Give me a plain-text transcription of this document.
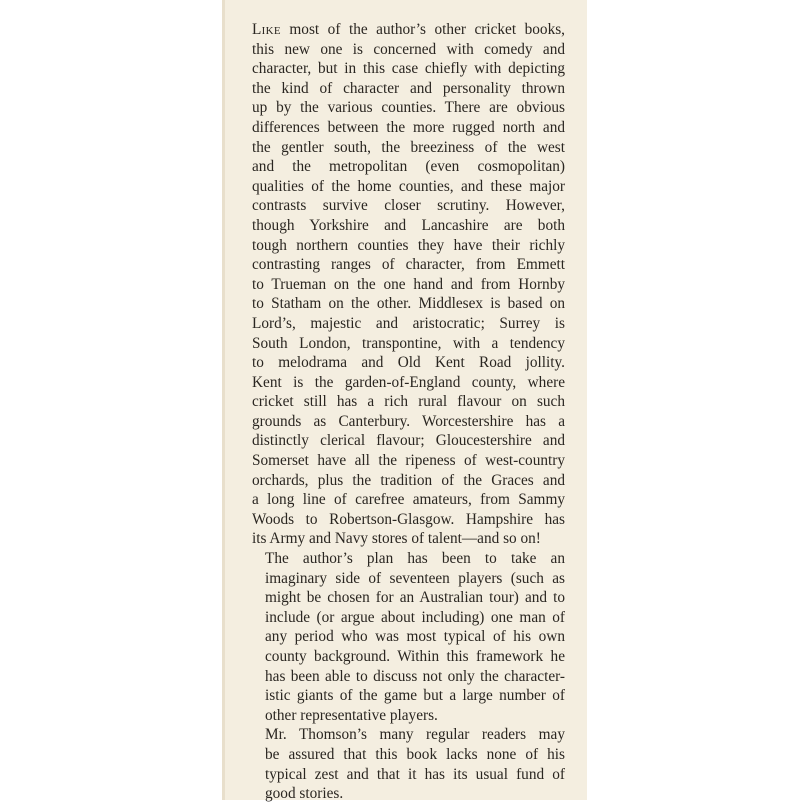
Like most of the author’s other cricket books,
this new one is concerned with comedy and
character, but in this case chiefly with depicting
the kind of character and personality thrown
up by the various counties. There are obvious
differences between the more rugged north and
the gentler south, the breeziness of the west
and the metropolitan (even cosmopolitan)
qualities of the home counties, and these major
contrasts survive closer scrutiny. However,
though Yorkshire and Lancashire are both
tough northern counties they have their richly
contrasting ranges of character, from Emmett
to Trueman on the one hand and from Hornby
to Statham on the other. Middlesex is based on
Lord’s, majestic and aristocratic; Surrey is
South London, transpontine, with a tendency
to melodrama and Old Kent Road jollity.
Kent is the garden-of-England county, where
cricket still has a rich rural flavour on such
grounds as Canterbury. Worcestershire has a
distinctly clerical flavour; Gloucestershire and
Somerset have all the ripeness of west-country
orchards, plus the tradition of the Graces and
a long line of carefree amateurs, from Sammy
Woods to Robertson-Glasgow. Hampshire has
its Army and Navy stores of talent—and so on!

The author’s plan has been to take an
imaginary side of seventeen players (such as
might be chosen for an Australian tour) and to
include (or argue about including) one man of
any period who was most typical of his own
county background. Within this framework he
has been able to discuss not only the character-
istic giants of the game but a large number of
other representative players.

Mr. Thomson’s many regular readers may
be assured that this book lacks none of his
typical zest and that it has its usual fund of
good stories.
